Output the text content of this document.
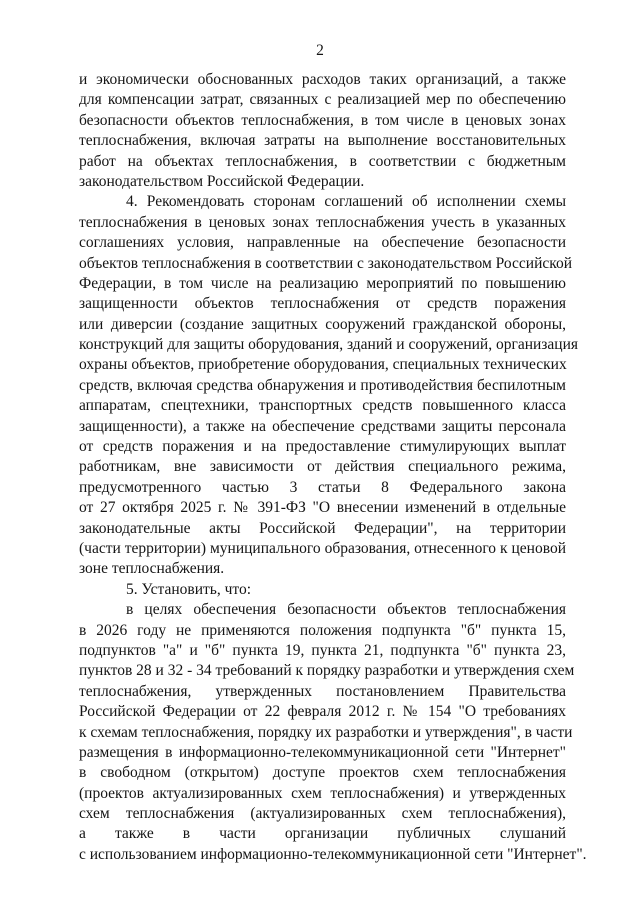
2
и экономически обоснованных расходов таких организаций, а также
для компенсации затрат, связанных с реализацией мер по обеспечению
безопасности объектов теплоснабжения, в том числе в ценовых зонах
теплоснабжения, включая затраты на выполнение восстановительных
работ на объектах теплоснабжения, в соответствии с бюджетным
законодательством Российской Федерации.
4. Рекомендовать сторонам соглашений об исполнении схемы
теплоснабжения в ценовых зонах теплоснабжения учесть в указанных
соглашениях условия, направленные на обеспечение безопасности
объектов теплоснабжения в соответствии с законодательством Российской
Федерации, в том числе на реализацию мероприятий по повышению
защищенности объектов теплоснабжения от средств поражения
или диверсии (создание защитных сооружений гражданской обороны,
конструкций для защиты оборудования, зданий и сооружений, организация
охраны объектов, приобретение оборудования, специальных технических
средств, включая средства обнаружения и противодействия беспилотным
аппаратам, спецтехники, транспортных средств повышенного класса
защищенности), а также на обеспечение средствами защиты персонала
от средств поражения и на предоставление стимулирующих выплат
работникам, вне зависимости от действия специального режима,
предусмотренного частью 3 статьи 8 Федерального закона
от 27 октября 2025 г. № 391-ФЗ "О внесении изменений в отдельные
законодательные акты Российской Федерации", на территории
(части территории) муниципального образования, отнесенного к ценовой
зоне теплоснабжения.
5. Установить, что:
в целях обеспечения безопасности объектов теплоснабжения
в 2026 году не применяются положения подпункта "б" пункта 15,
подпунктов "а" и "б" пункта 19, пункта 21, подпункта "б" пункта 23,
пунктов 28 и 32 - 34 требований к порядку разработки и утверждения схем
теплоснабжения, утвержденных постановлением Правительства
Российской Федерации от 22 февраля 2012 г. № 154 "О требованиях
к схемам теплоснабжения, порядку их разработки и утверждения", в части
размещения в информационно-телекоммуникационной сети "Интернет"
в свободном (открытом) доступе проектов схем теплоснабжения
(проектов актуализированных схем теплоснабжения) и утвержденных
схем теплоснабжения (актуализированных схем теплоснабжения),
а также в части организации публичных слушаний
с использованием информационно-телекоммуникационной сети "Интернет".
